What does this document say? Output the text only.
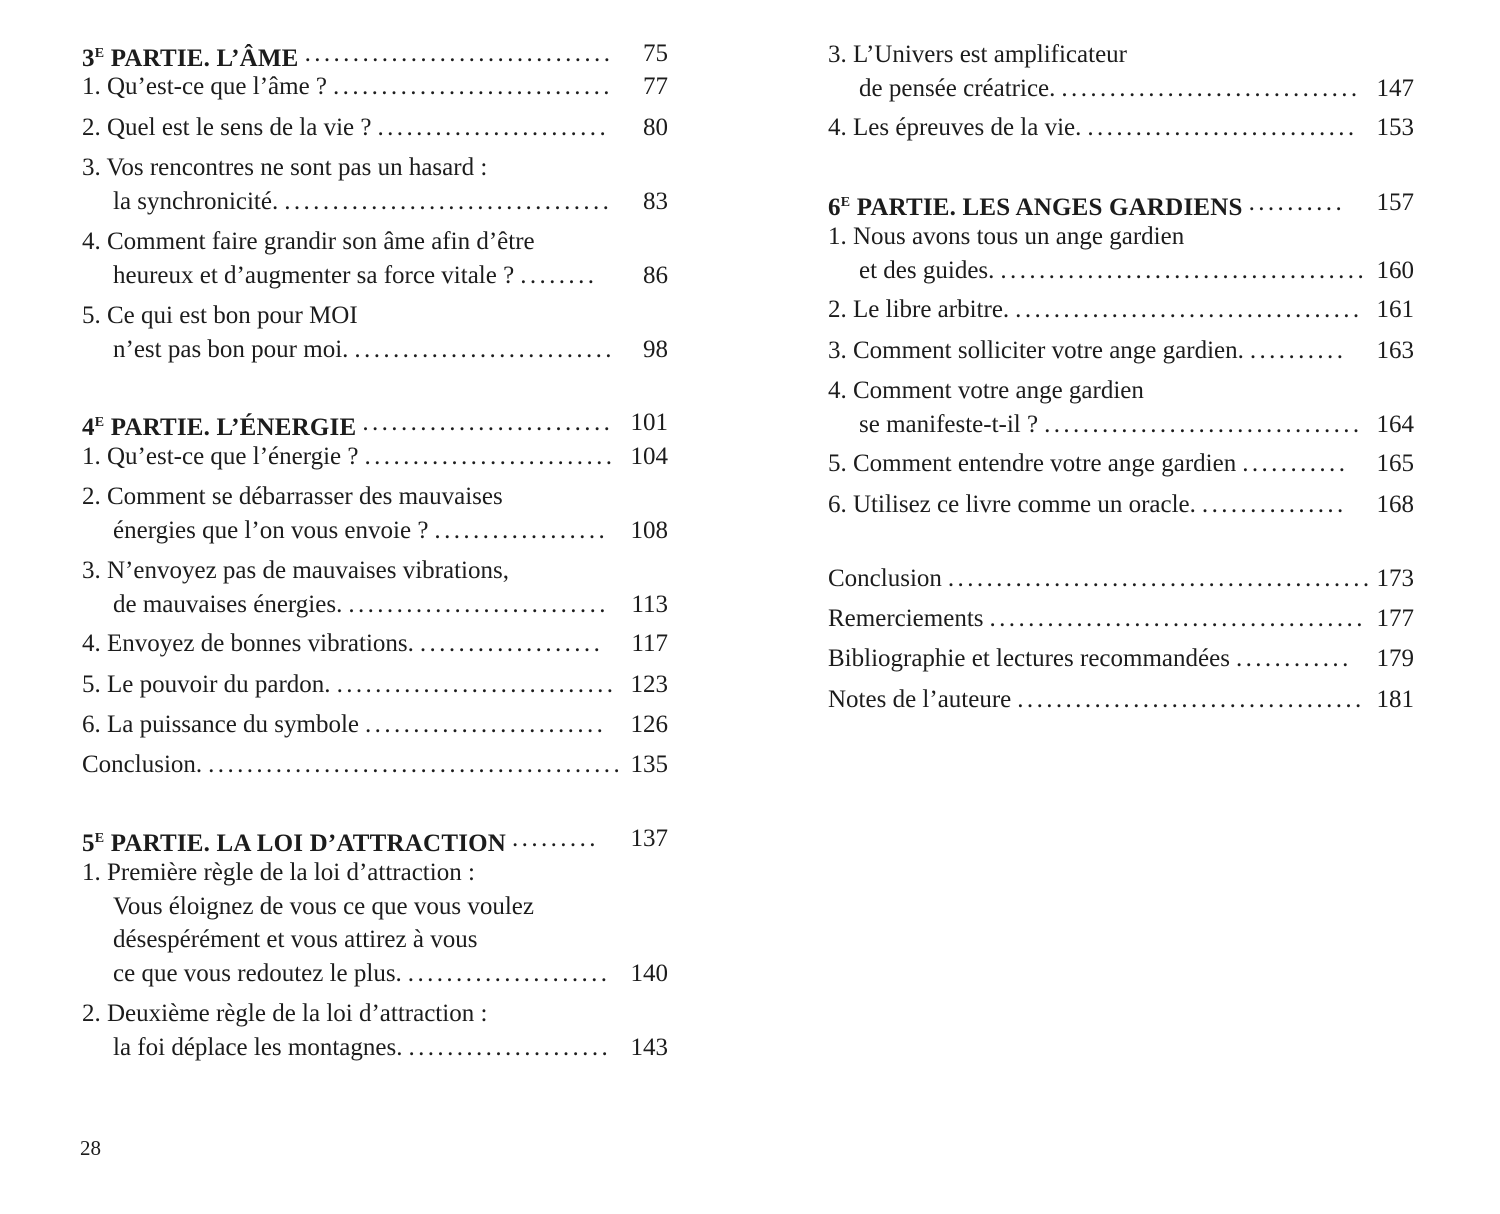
$3^E$ PARTIE. L’ÂME ................................ 75
1. Qu’est-ce que l’âme ? ............................. 77
2. Quel est le sens de la vie ? ........................ 80
3. Vos rencontres ne sont pas un hasard :
la synchronicité. .................................. 83
4. Comment faire grandir son âme afin d’être
heureux et d’augmenter sa force vitale ? ........ 86
5. Ce qui est bon pour MOI
n’est pas bon pour moi. ........................... 98
$4^E$ PARTIE. L’ÉNERGIE .......................... 101
1. Qu’est-ce que l’énergie ? .......................... 104
2. Comment se débarrasser des mauvaises
énergies que l’on vous envoie ? .................. 108
3. N’envoyez pas de mauvaises vibrations,
de mauvaises énergies. ........................... 113
4. Envoyez de bonnes vibrations. ................... 117
5. Le pouvoir du pardon. ............................. 123
6. La puissance du symbole ......................... 126
Conclusion. ........................................... 135
$5^E$ PARTIE. LA LOI D’ATTRACTION ......... 137
1. Première règle de la loi d’attraction :
Vous éloignez de vous ce que vous voulez
désespérément et vous attirez à vous
ce que vous redoutez le plus. ..................... 140
2. Deuxième règle de la loi d’attraction :
la foi déplace les montagnes. ..................... 143
3. L’Univers est amplificateur
de pensée créatrice. ............................... 147
4. Les épreuves de la vie. ............................ 153
$6^E$ PARTIE. LES ANGES GARDIENS .......... 157
1. Nous avons tous un ange gardien
et des guides. ...................................... 160
2. Le libre arbitre. .................................... 161
3. Comment solliciter votre ange gardien. .......... 163
4. Comment votre ange gardien
se manifeste-t-il ? ................................. 164
5. Comment entendre votre ange gardien ........... 165
6. Utilisez ce livre comme un oracle. ............... 168
Conclusion ............................................ 173
Remerciements ....................................... 177
Bibliographie et lectures recommandées ............ 179
Notes de l’auteure .................................... 181
28
